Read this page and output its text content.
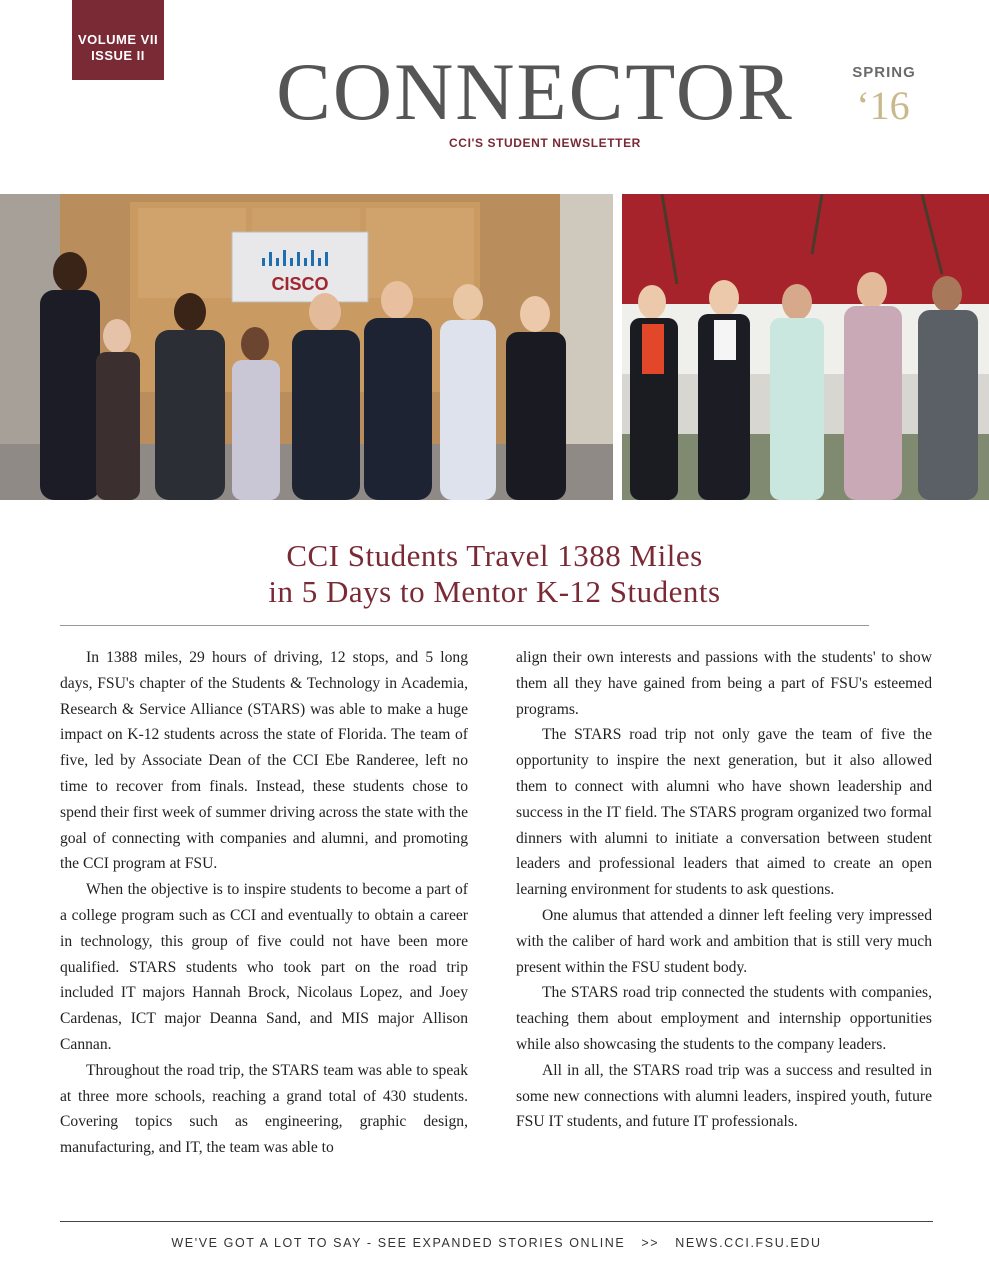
VOLUME VII
ISSUE II CONNECTOR	SPRING
‘16
CCI'S STUDENT NEWSLETTER
CISCO
CCI Students Travel 1388 Miles
in 5 Days to Mentor K-12 Students

In 1388 miles, 29 hours of driving, 12 stops, and 5 long days, FSU's chapter of the Students & Technology in Academia, Research & Service Alliance (STARS) was able to make a huge impact on K-12 students across the state of Florida. The team of five, led by Associate Dean of the CCI Ebe Randeree, left no time to recover from finals. Instead, these students chose to spend their first week of summer driving across the state with the goal of connecting with companies and alumni, and promoting the CCI program at FSU.

When the objective is to inspire students to become a part of a college program such as CCI and eventually to obtain a career in technology, this group of five could not have been more qualified. STARS students who took part on the road trip included IT majors Hannah Brock, Nicolaus Lopez, and Joey Cardenas, ICT major Deanna Sand, and MIS major Allison Cannan.

Throughout the road trip, the STARS team was able to speak at three more schools, reaching a grand total of 430 students. Covering topics such as engineering, graphic design, manufacturing, and IT, the team was able to

align their own interests and passions with the students' to show them all they have gained from being a part of FSU's esteemed programs.

The STARS road trip not only gave the team of five the opportunity to inspire the next generation, but it also allowed them to connect with alumni who have shown leadership and success in the IT field. The STARS program organized two formal dinners with alumni to initiate a conversation between student leaders and professional leaders that aimed to create an open learning environment for students to ask questions.

One alumus that attended a dinner left feeling very impressed with the caliber of hard work and ambition that is still very much present within the FSU student body.

The STARS road trip connected the students with companies, teaching them about employment and internship opportunities while also showcasing the students to the company leaders.

All in all, the STARS road trip was a success and resulted in some new connections with alumni leaders, inspired youth, future FSU IT students, and future IT professionals.

WE'VE GOT A LOT TO SAY - SEE EXPANDED STORIES ONLINE >> NEWS.CCI.FSU.EDU
